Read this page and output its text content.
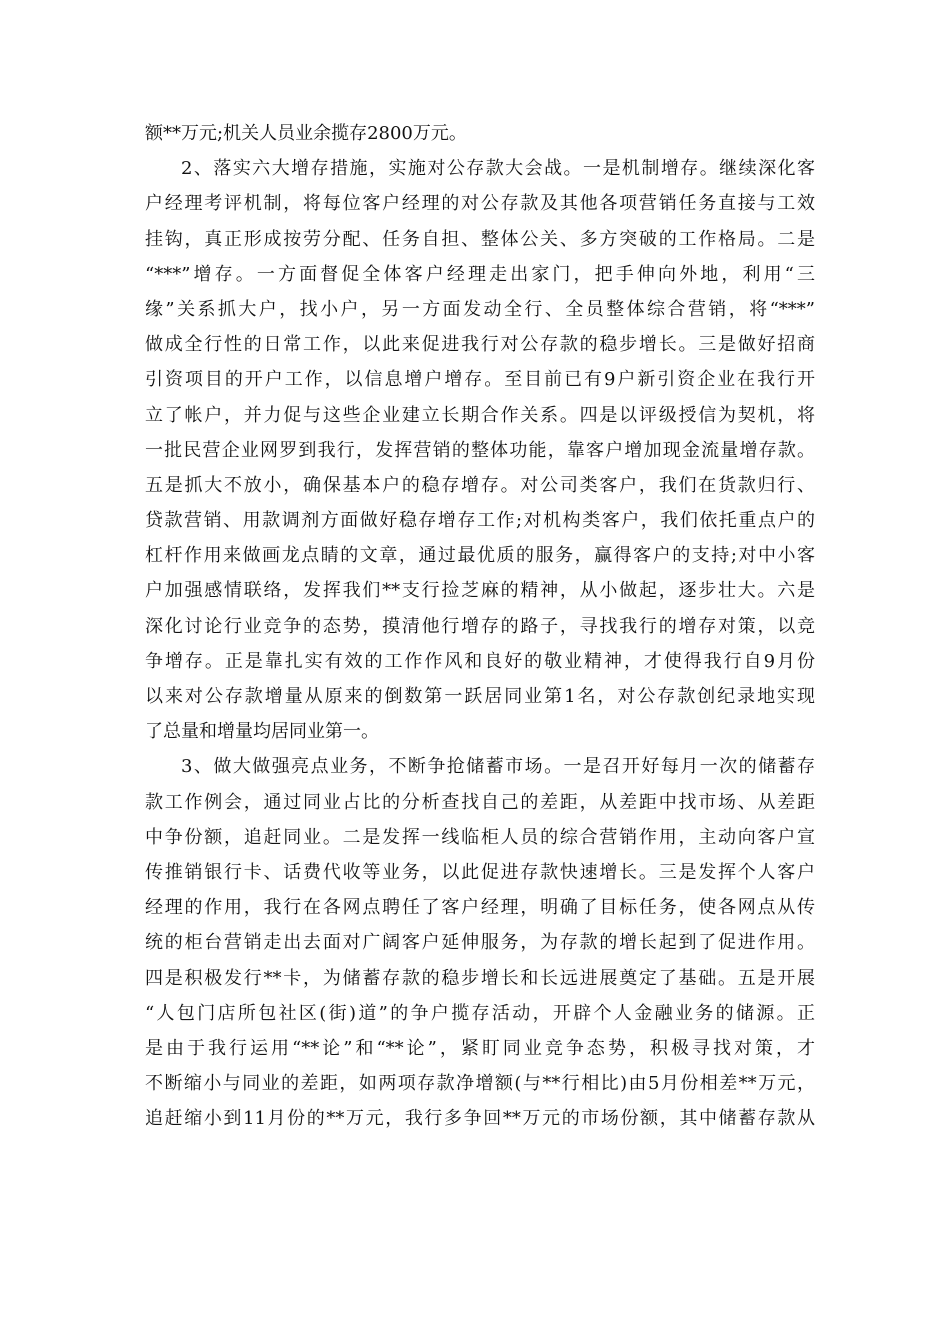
额**万元;机关人员业余揽存2800万元。
2、落实六大增存措施，实施对公存款大会战。一是机制增存。继续深化客
户经理考评机制，将每位客户经理的对公存款及其他各项营销任务直接与工效
挂钩，真正形成按劳分配、任务自担、整体公关、多方突破的工作格局。二是
“***”增存。一方面督促全体客户经理走出家门，把手伸向外地，利用“三
缘”关系抓大户，找小户，另一方面发动全行、全员整体综合营销，将“***”
做成全行性的日常工作，以此来促进我行对公存款的稳步增长。三是做好招商
引资项目的开户工作，以信息增户增存。至目前已有9户新引资企业在我行开
立了帐户，并力促与这些企业建立长期合作关系。四是以评级授信为契机，将
一批民营企业网罗到我行，发挥营销的整体功能，靠客户增加现金流量增存款。
五是抓大不放小，确保基本户的稳存增存。对公司类客户，我们在货款归行、
贷款营销、用款调剂方面做好稳存增存工作;对机构类客户，我们依托重点户的
杠杆作用来做画龙点睛的文章，通过最优质的服务，赢得客户的支持;对中小客
户加强感情联络，发挥我们**支行捡芝麻的精神，从小做起，逐步壮大。六是
深化讨论行业竞争的态势，摸清他行增存的路子，寻找我行的增存对策，以竞
争增存。正是靠扎实有效的工作作风和良好的敬业精神，才使得我行自9月份
以来对公存款增量从原来的倒数第一跃居同业第1名，对公存款创纪录地实现
了总量和增量均居同业第一。
3、做大做强亮点业务，不断争抢储蓄市场。一是召开好每月一次的储蓄存
款工作例会，通过同业占比的分析查找自己的差距，从差距中找市场、从差距
中争份额，追赶同业。二是发挥一线临柜人员的综合营销作用，主动向客户宣
传推销银行卡、话费代收等业务，以此促进存款快速增长。三是发挥个人客户
经理的作用，我行在各网点聘任了客户经理，明确了目标任务，使各网点从传
统的柜台营销走出去面对广阔客户延伸服务，为存款的增长起到了促进作用。
四是积极发行**卡，为储蓄存款的稳步增长和长远进展奠定了基础。五是开展
“人包门店所包社区(街)道”的争户揽存活动，开辟个人金融业务的储源。正
是由于我行运用“**论”和“**论”，紧盯同业竞争态势，积极寻找对策，才
不断缩小与同业的差距，如两项存款净增额(与**行相比)由5月份相差**万元，
追赶缩小到11月份的**万元，我行多争回**万元的市场份额，其中储蓄存款从
